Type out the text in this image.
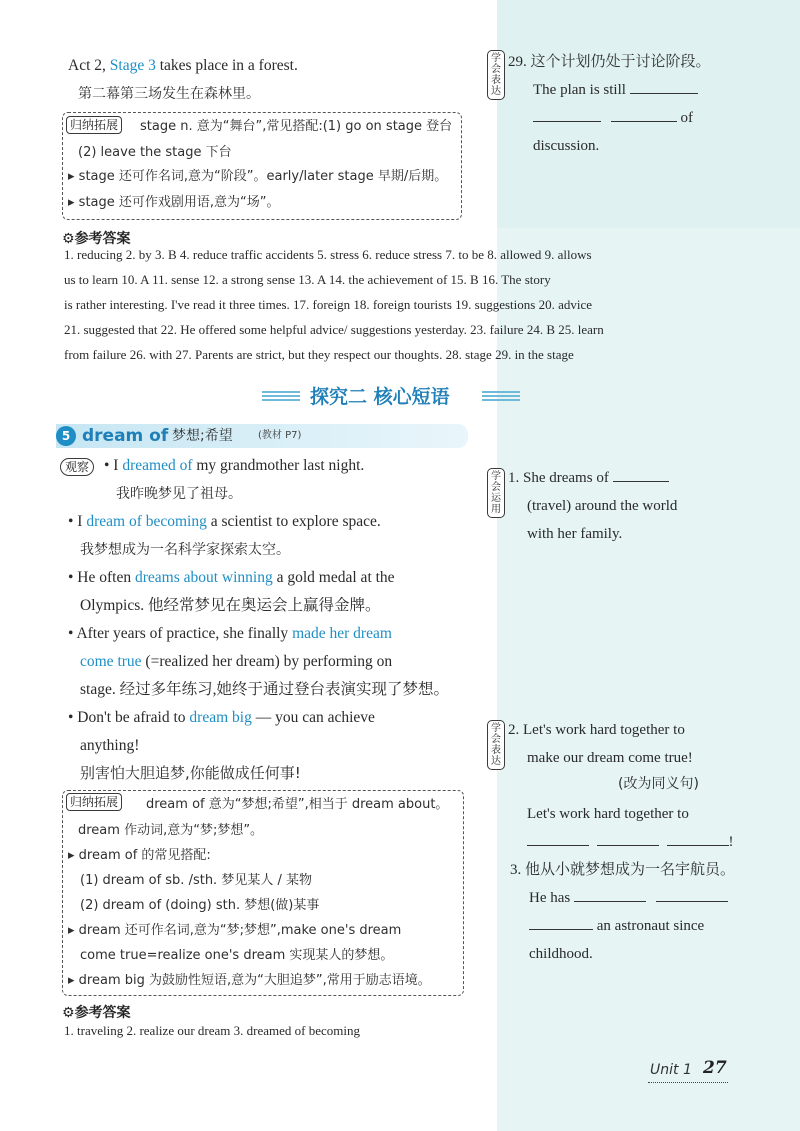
Act 2, Stage 3 takes place in a forest.
第二幕第三场发生在森林里。
归纳拓展	stage n. 意为“舞台”,常见搭配:(1) go on stage 登台
(2) leave the stage 下台
▸ stage 还可作名词,意为“阶段”。early/later stage 早期/后期。
▸ stage 还可作戏剧用语,意为“场”。
学会表达
29. 这个计划仍处于讨论阶段。
The plan is still
of
discussion.
⚙参考答案
1. reducing 2. by 3. B 4. reduce traffic accidents 5. stress 6. reduce stress 7. to be 8. allowed 9. allows
us to learn 10. A 11. sense 12. a strong sense 13. A 14. the achievement of 15. B 16. The story
is rather interesting. I've read it three times. 17. foreign 18. foreign tourists 19. suggestions 20. advice
21. suggested that 22. He offered some helpful advice/ suggestions yesterday. 23. failure 24. B 25. learn
from failure 26. with 27. Parents are strict, but they respect our thoughts. 28. stage 29. in the stage
探究二 核心短语
5 dream of 梦想;希望	(教材 P7)
观察 • I dreamed of my grandmother last night.
我昨晚梦见了祖母。
• I dream of becoming a scientist to explore space.
我梦想成为一名科学家探索太空。
• He often dreams about winning a gold medal at the
Olympics. 他经常梦见在奥运会上赢得金牌。
• After years of practice, she finally made her dream
come true (=realized her dream) by performing on
stage. 经过多年练习,她终于通过登台表演实现了梦想。
• Don't be afraid to dream big — you can achieve
anything!
别害怕大胆追梦,你能做成任何事!
归纳拓展	dream of 意为“梦想;希望”,相当于 dream about。
dream 作动词,意为“梦;梦想”。
▸ dream of 的常见搭配:
(1) dream of sb. /sth. 梦见某人 / 某物
(2) dream of (doing) sth. 梦想(做)某事
▸ dream 还可作名词,意为“梦;梦想”,make one's dream
come true=realize one's dream 实现某人的梦想。
▸ dream big 为鼓励性短语,意为“大胆追梦”,常用于励志语境。
学会运用
1. She dreams of
(travel) around the world
with her family.
学会表达
2. Let's work hard together to
make our dream come true!
(改为同义句)
Let's work hard together to
!
3. 他从小就梦想成为一名宇航员。
He has
an astronaut since
childhood.
⚙参考答案
1. traveling 2. realize our dream 3. dreamed of becoming
Unit 1 27
